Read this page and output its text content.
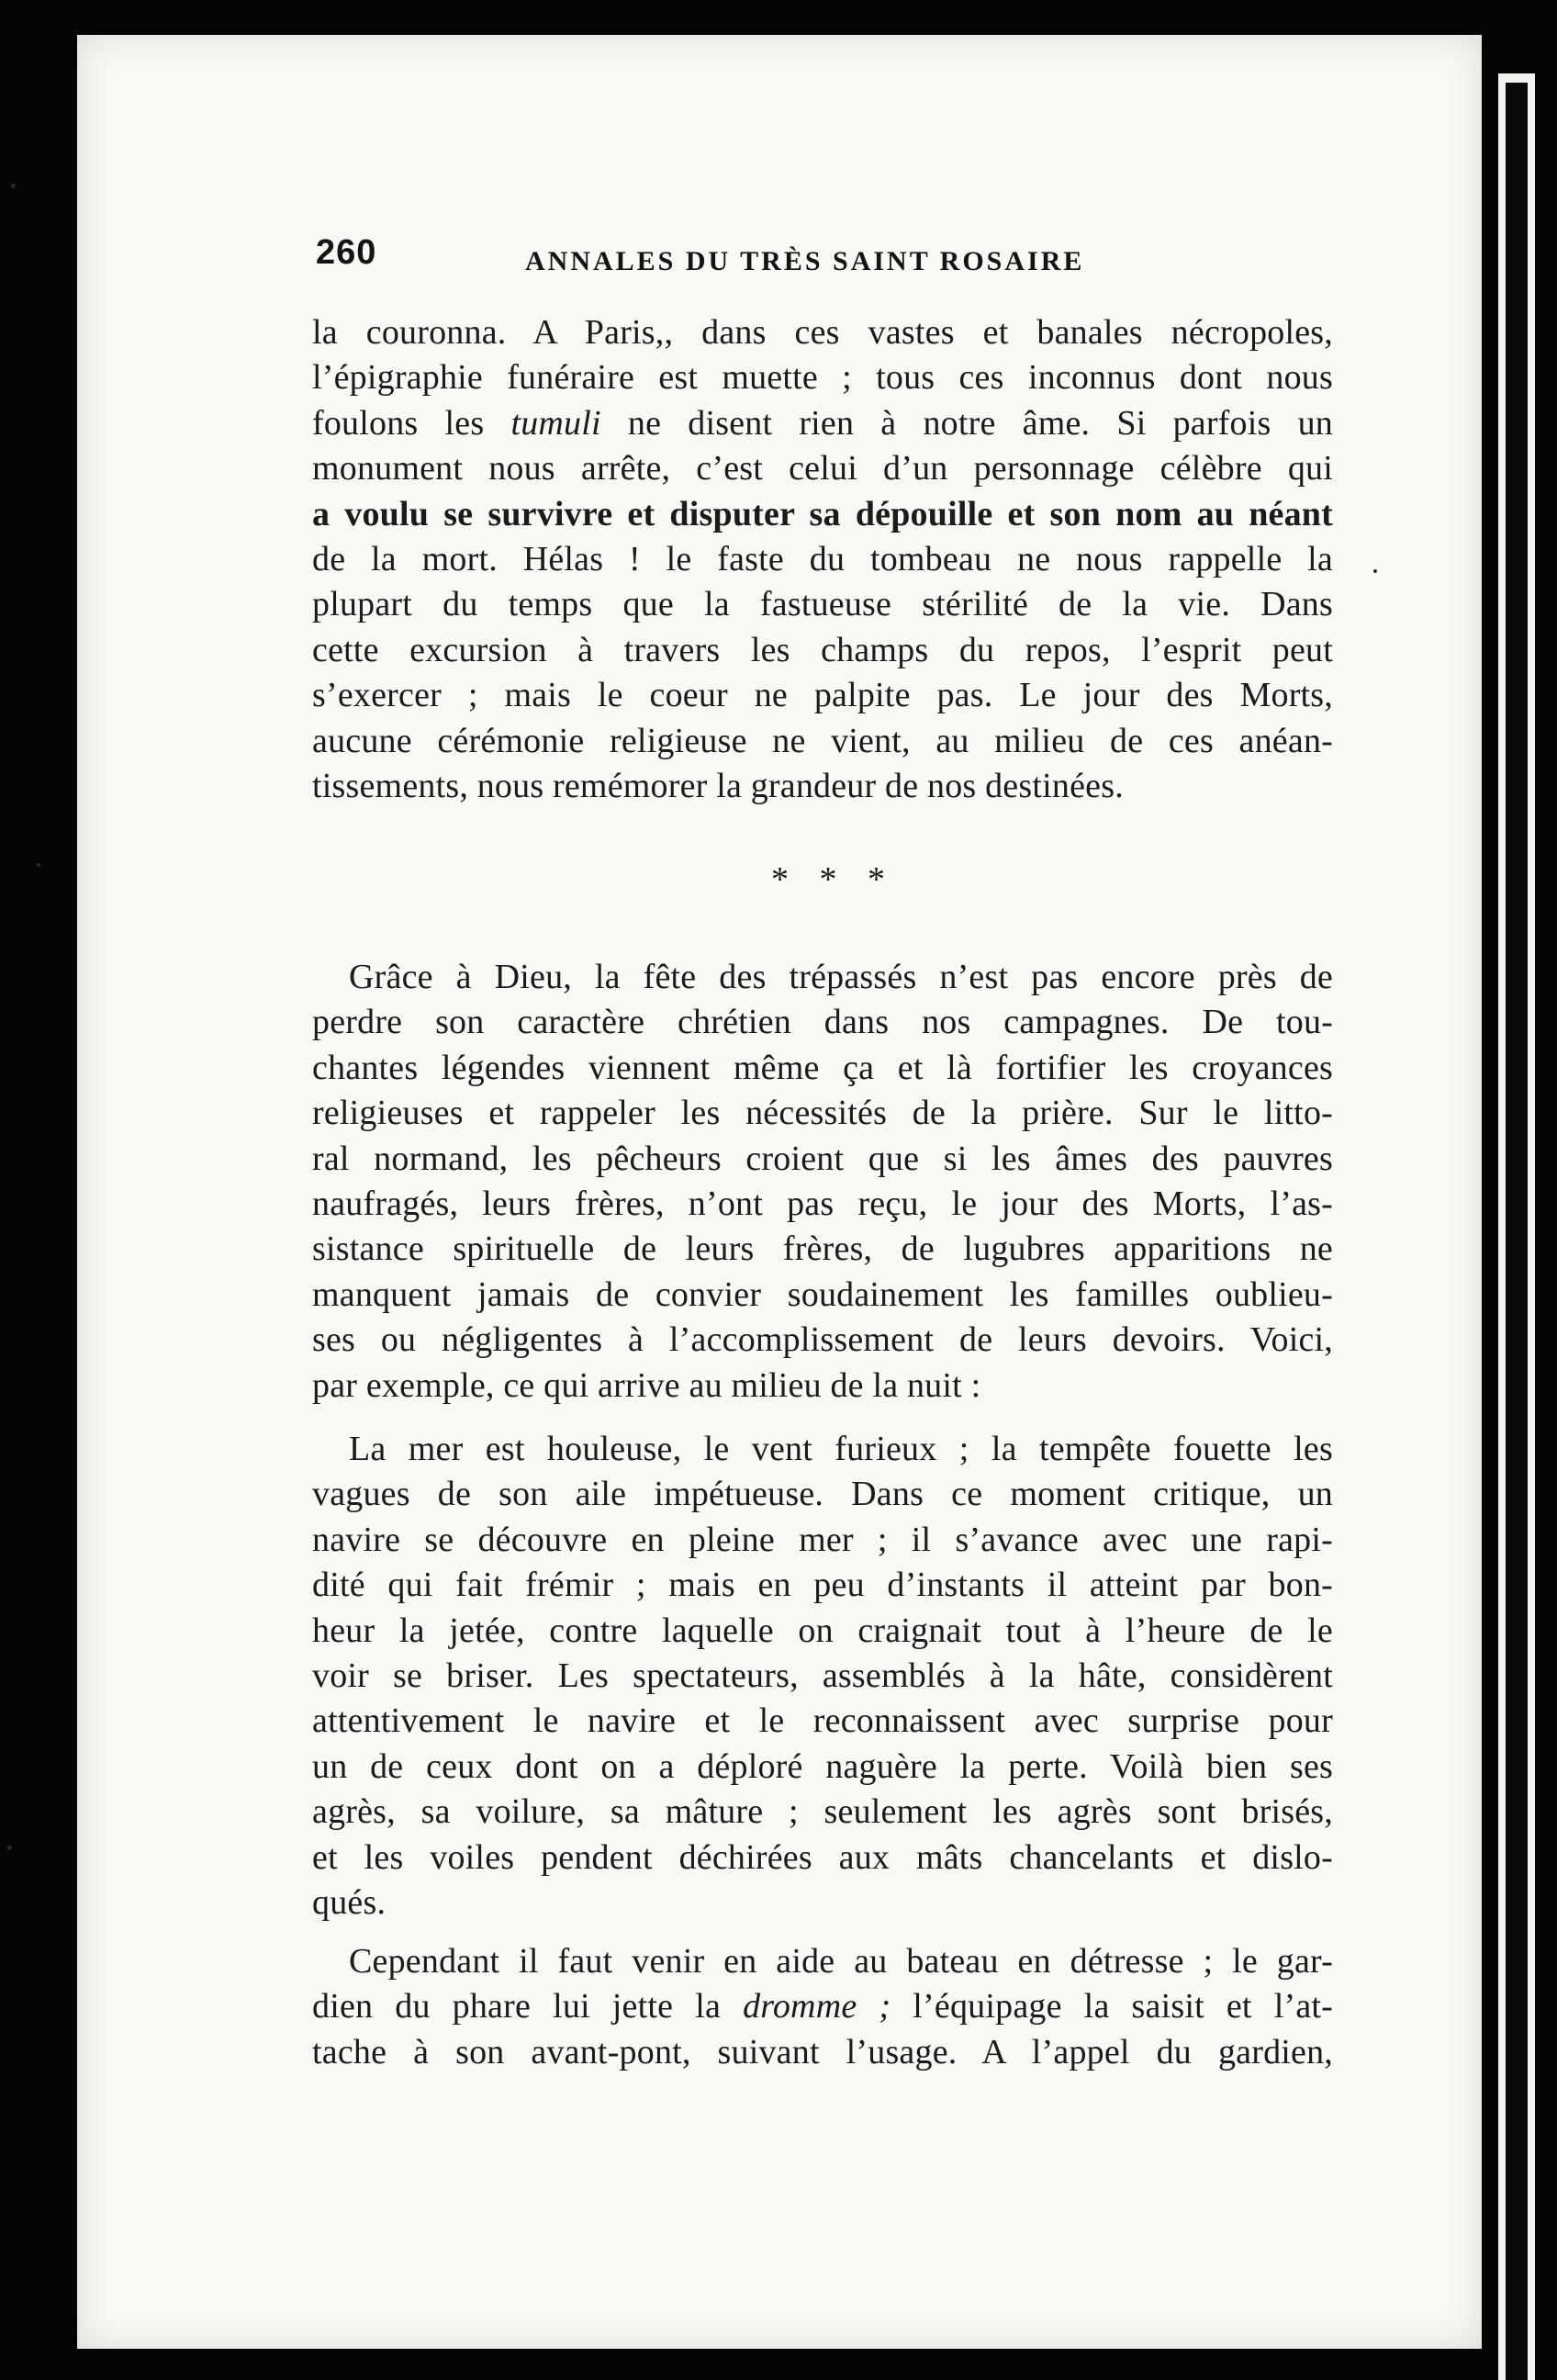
260	ANNALES DU TRÈS SAINT ROSAIRE
la couronna. A Paris,, dans ces vastes et banales nécropoles,
l’épigraphie funéraire est muette ; tous ces inconnus dont nous
foulons les tumuli ne disent rien à notre âme. Si parfois un
monument nous arrête, c’est celui d’un personnage célèbre qui
a voulu se survivre et disputer sa dépouille et son nom au néant
de la mort. Hélas ! le faste du tombeau ne nous rappelle la
plupart du temps que la fastueuse stérilité de la vie. Dans
cette excursion à travers les champs du repos, l’esprit peut
s’exercer ; mais le coeur ne palpite pas. Le jour des Morts,
aucune cérémonie religieuse ne vient, au milieu de ces anéan-
tissements, nous remémorer la grandeur de nos destinées.
* * *
Grâce à Dieu, la fête des trépassés n’est pas encore près de
perdre son caractère chrétien dans nos campagnes. De tou-
chantes légendes viennent même ça et là fortifier les croyances
religieuses et rappeler les nécessités de la prière. Sur le litto-
ral normand, les pêcheurs croient que si les âmes des pauvres
naufragés, leurs frères, n’ont pas reçu, le jour des Morts, l’as-
sistance spirituelle de leurs frères, de lugubres apparitions ne
manquent jamais de convier soudainement les familles oublieu-
ses ou négligentes à l’accomplissement de leurs devoirs. Voici,
par exemple, ce qui arrive au milieu de la nuit :
La mer est houleuse, le vent furieux ; la tempête fouette les
vagues de son aile impétueuse. Dans ce moment critique, un
navire se découvre en pleine mer ; il s’avance avec une rapi-
dité qui fait frémir ; mais en peu d’instants il atteint par bon-
heur la jetée, contre laquelle on craignait tout à l’heure de le
voir se briser. Les spectateurs, assemblés à la hâte, considèrent
attentivement le navire et le reconnaissent avec surprise pour
un de ceux dont on a déploré naguère la perte. Voilà bien ses
agrès, sa voilure, sa mâture ; seulement les agrès sont brisés,
et les voiles pendent déchirées aux mâts chancelants et dislo-
qués.
Cependant il faut venir en aide au bateau en détresse ; le gar-
dien du phare lui jette la dromme ; l’équipage la saisit et l’at-
tache à son avant-pont, suivant l’usage. A l’appel du gardien,
